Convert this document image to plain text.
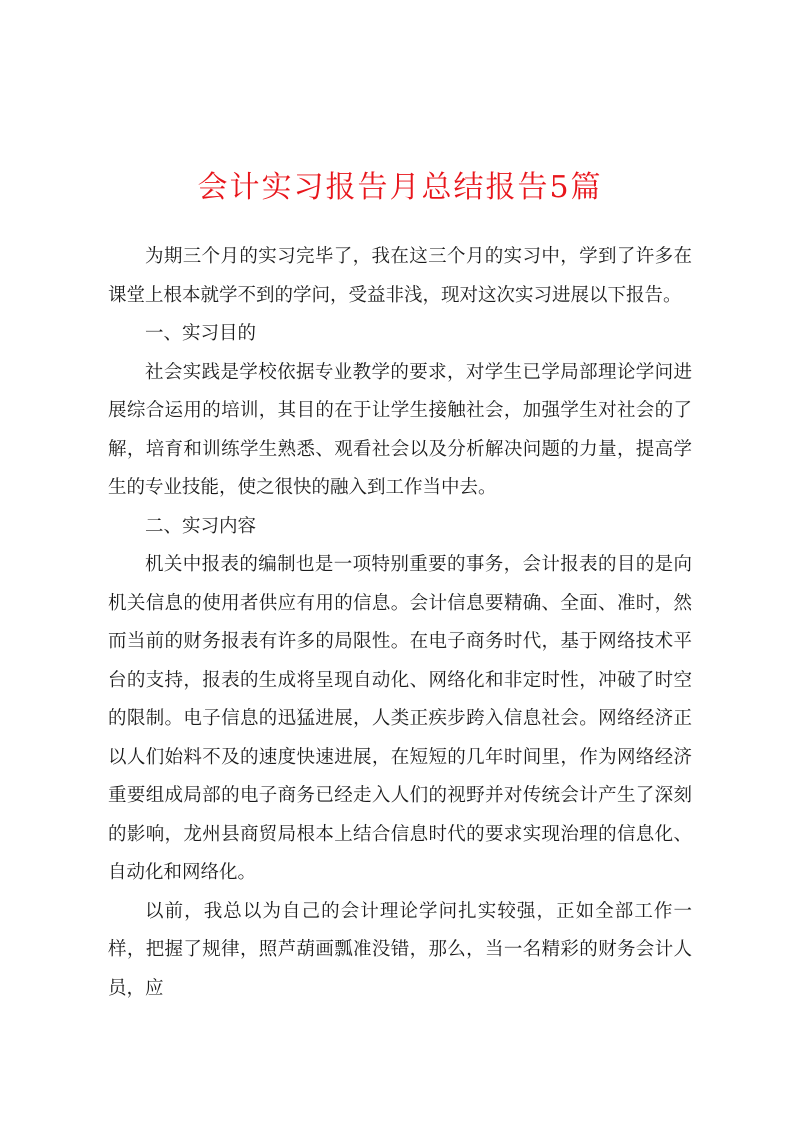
会计实习报告月总结报告5篇

为期三个月的实习完毕了，我在这三个月的实习中，学到了许多在课堂上根本就学不到的学问，受益非浅，现对这次实习进展以下报告。

一、实习目的

社会实践是学校依据专业教学的要求，对学生已学局部理论学问进展综合运用的培训，其目的在于让学生接触社会，加强学生对社会的了解，培育和训练学生熟悉、观看社会以及分析解决问题的力量，提高学生的专业技能，使之很快的融入到工作当中去。

二、实习内容

机关中报表的编制也是一项特别重要的事务，会计报表的目的是向机关信息的使用者供应有用的信息。会计信息要精确、全面、准时，然而当前的财务报表有许多的局限性。在电子商务时代，基于网络技术平台的支持，报表的生成将呈现自动化、网络化和非定时性，冲破了时空的限制。电子信息的迅猛进展，人类正疾步跨入信息社会。网络经济正以人们始料不及的速度快速进展，在短短的几年时间里，作为网络经济重要组成局部的电子商务已经走入人们的视野并对传统会计产生了深刻的影响，龙州县商贸局根本上结合信息时代的要求实现治理的信息化、自动化和网络化。

以前，我总以为自己的会计理论学问扎实较强，正如全部工作一样，把握了规律，照芦葫画瓢准没错，那么，当一名精彩的财务会计人员，应
